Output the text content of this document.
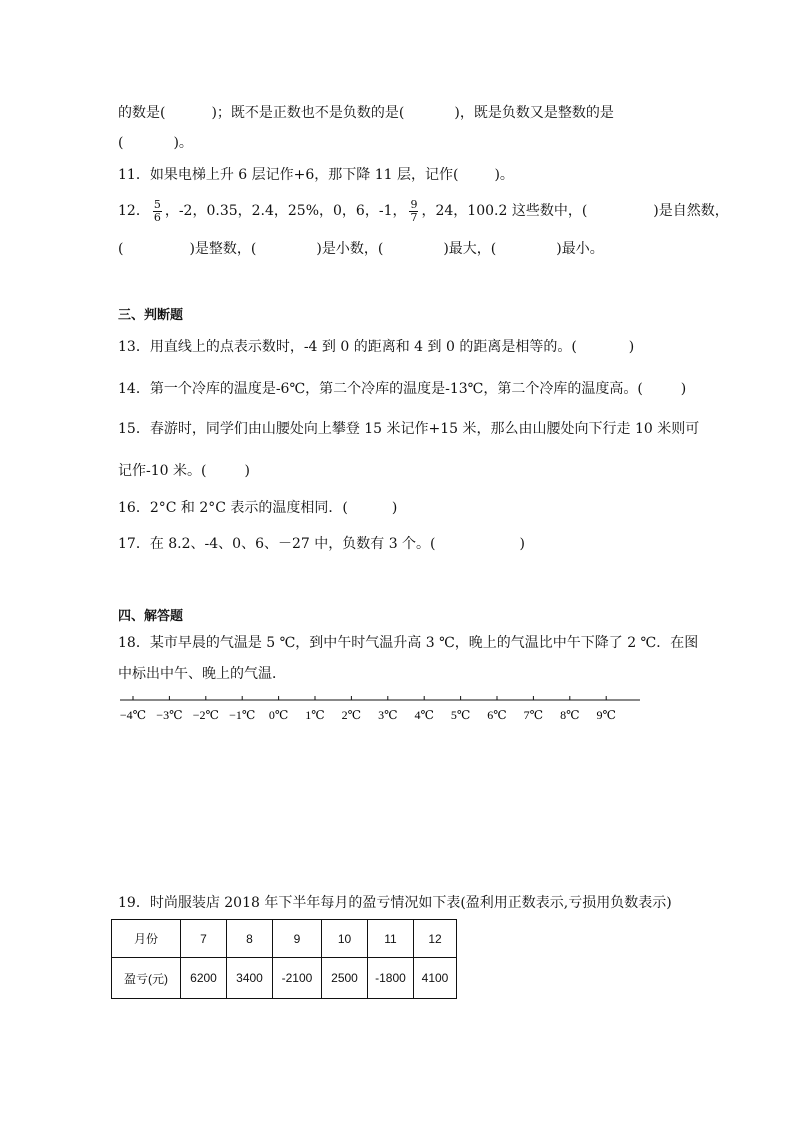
的数是(	)；既不是正数也不是负数的是(	)，既是负数又是整数的是
(	)。
11．如果电梯上升 6 层记作+6，那下降 11 层，记作(	)。
12． $\frac{5}{6}$ ，-2，0.35，2.4，25%，0，6，-1， $\frac{9}{7}$ ，24，100.2 这些数中，(	)是自然数，
(	)是整数，(	)是小数，(	)最大，(	)最小。
三、判断题
13．用直线上的点表示数时，-4 到 0 的距离和 4 到 0 的距离是相等的。(	)
14．第一个冷库的温度是-6℃，第二个冷库的温度是-13℃，第二个冷库的温度高。(	)
15．春游时，同学们由山腰处向上攀登 15 米记作+15 米，那么由山腰处向下行走 10 米则可
记作-10 米。(	)
16．2°C 和 2°C 表示的温度相同．(	)
17．在 8.2、-4、0、6、－27 中，负数有 3 个。(	)
四、解答题
18．某市早晨的气温是 5 ℃，到中午时气温升高 3 ℃，晚上的气温比中午下降了 2 ℃．在图
中标出中午、晚上的气温．
−4℃ −3℃ −2℃ −1℃ 0℃ 1℃ 2℃ 3℃ 4℃ 5℃ 6℃ 7℃ 8℃ 9℃
19．时尚服装店 2018 年下半年每月的盈亏情况如下表(盈利用正数表示,亏损用负数表示)
月份	7	8	9	10	11	12
盈亏(元)	6200	3400	-2100	2500	-1800	4100
